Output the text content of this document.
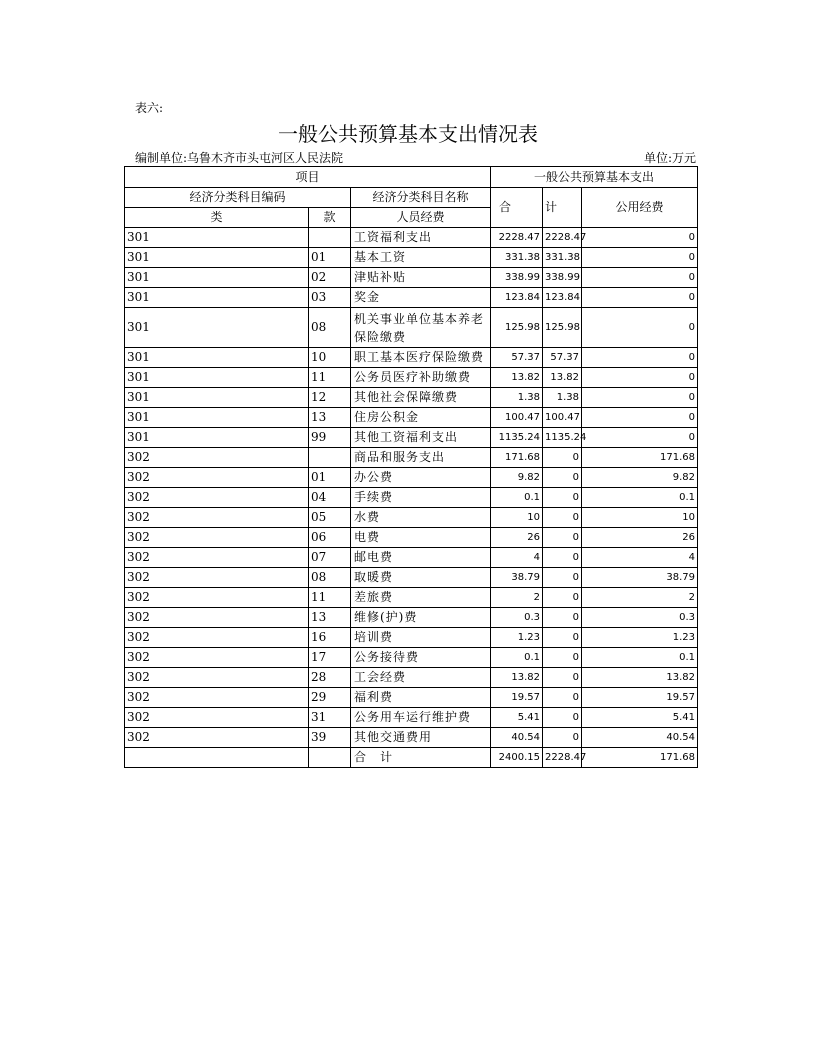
表六:
一般公共预算基本支出情况表
编制单位:乌鲁木齐市头屯河区人民法院	单位:万元
项目			一般公共预算基本支出		
经济分类科目编码		经济分类科目名称	合	计	公用经费
类	款	人员经费			
301		工资福利支出	2228.47	2228.47	0
301	01	基本工资	331.38	331.38	0
301	02	津贴补贴	338.99	338.99	0
301	03	奖金	123.84	123.84	0
301	08	机关事业单位基本养老保险缴费	125.98	125.98	0
301	10	职工基本医疗保险缴费	57.37	57.37	0
301	11	公务员医疗补助缴费	13.82	13.82	0
301	12	其他社会保障缴费	1.38	1.38	0
301	13	住房公积金	100.47	100.47	0
301	99	其他工资福利支出	1135.24	1135.24	0
302		商品和服务支出	171.68	0	171.68
302	01	办公费	9.82	0	9.82
302	04	手续费	0.1	0	0.1
302	05	水费	10	0	10
302	06	电费	26	0	26
302	07	邮电费	4	0	4
302	08	取暖费	38.79	0	38.79
302	11	差旅费	2	0	2
302	13	维修(护)费	0.3	0	0.3
302	16	培训费	1.23	0	1.23
302	17	公务接待费	0.1	0	0.1
302	28	工会经费	13.82	0	13.82
302	29	福利费	19.57	0	19.57
302	31	公务用车运行维护费	5.41	0	5.41
302	39	其他交通费用	40.54	0	40.54
		合　计	2400.15	2228.47	171.68
